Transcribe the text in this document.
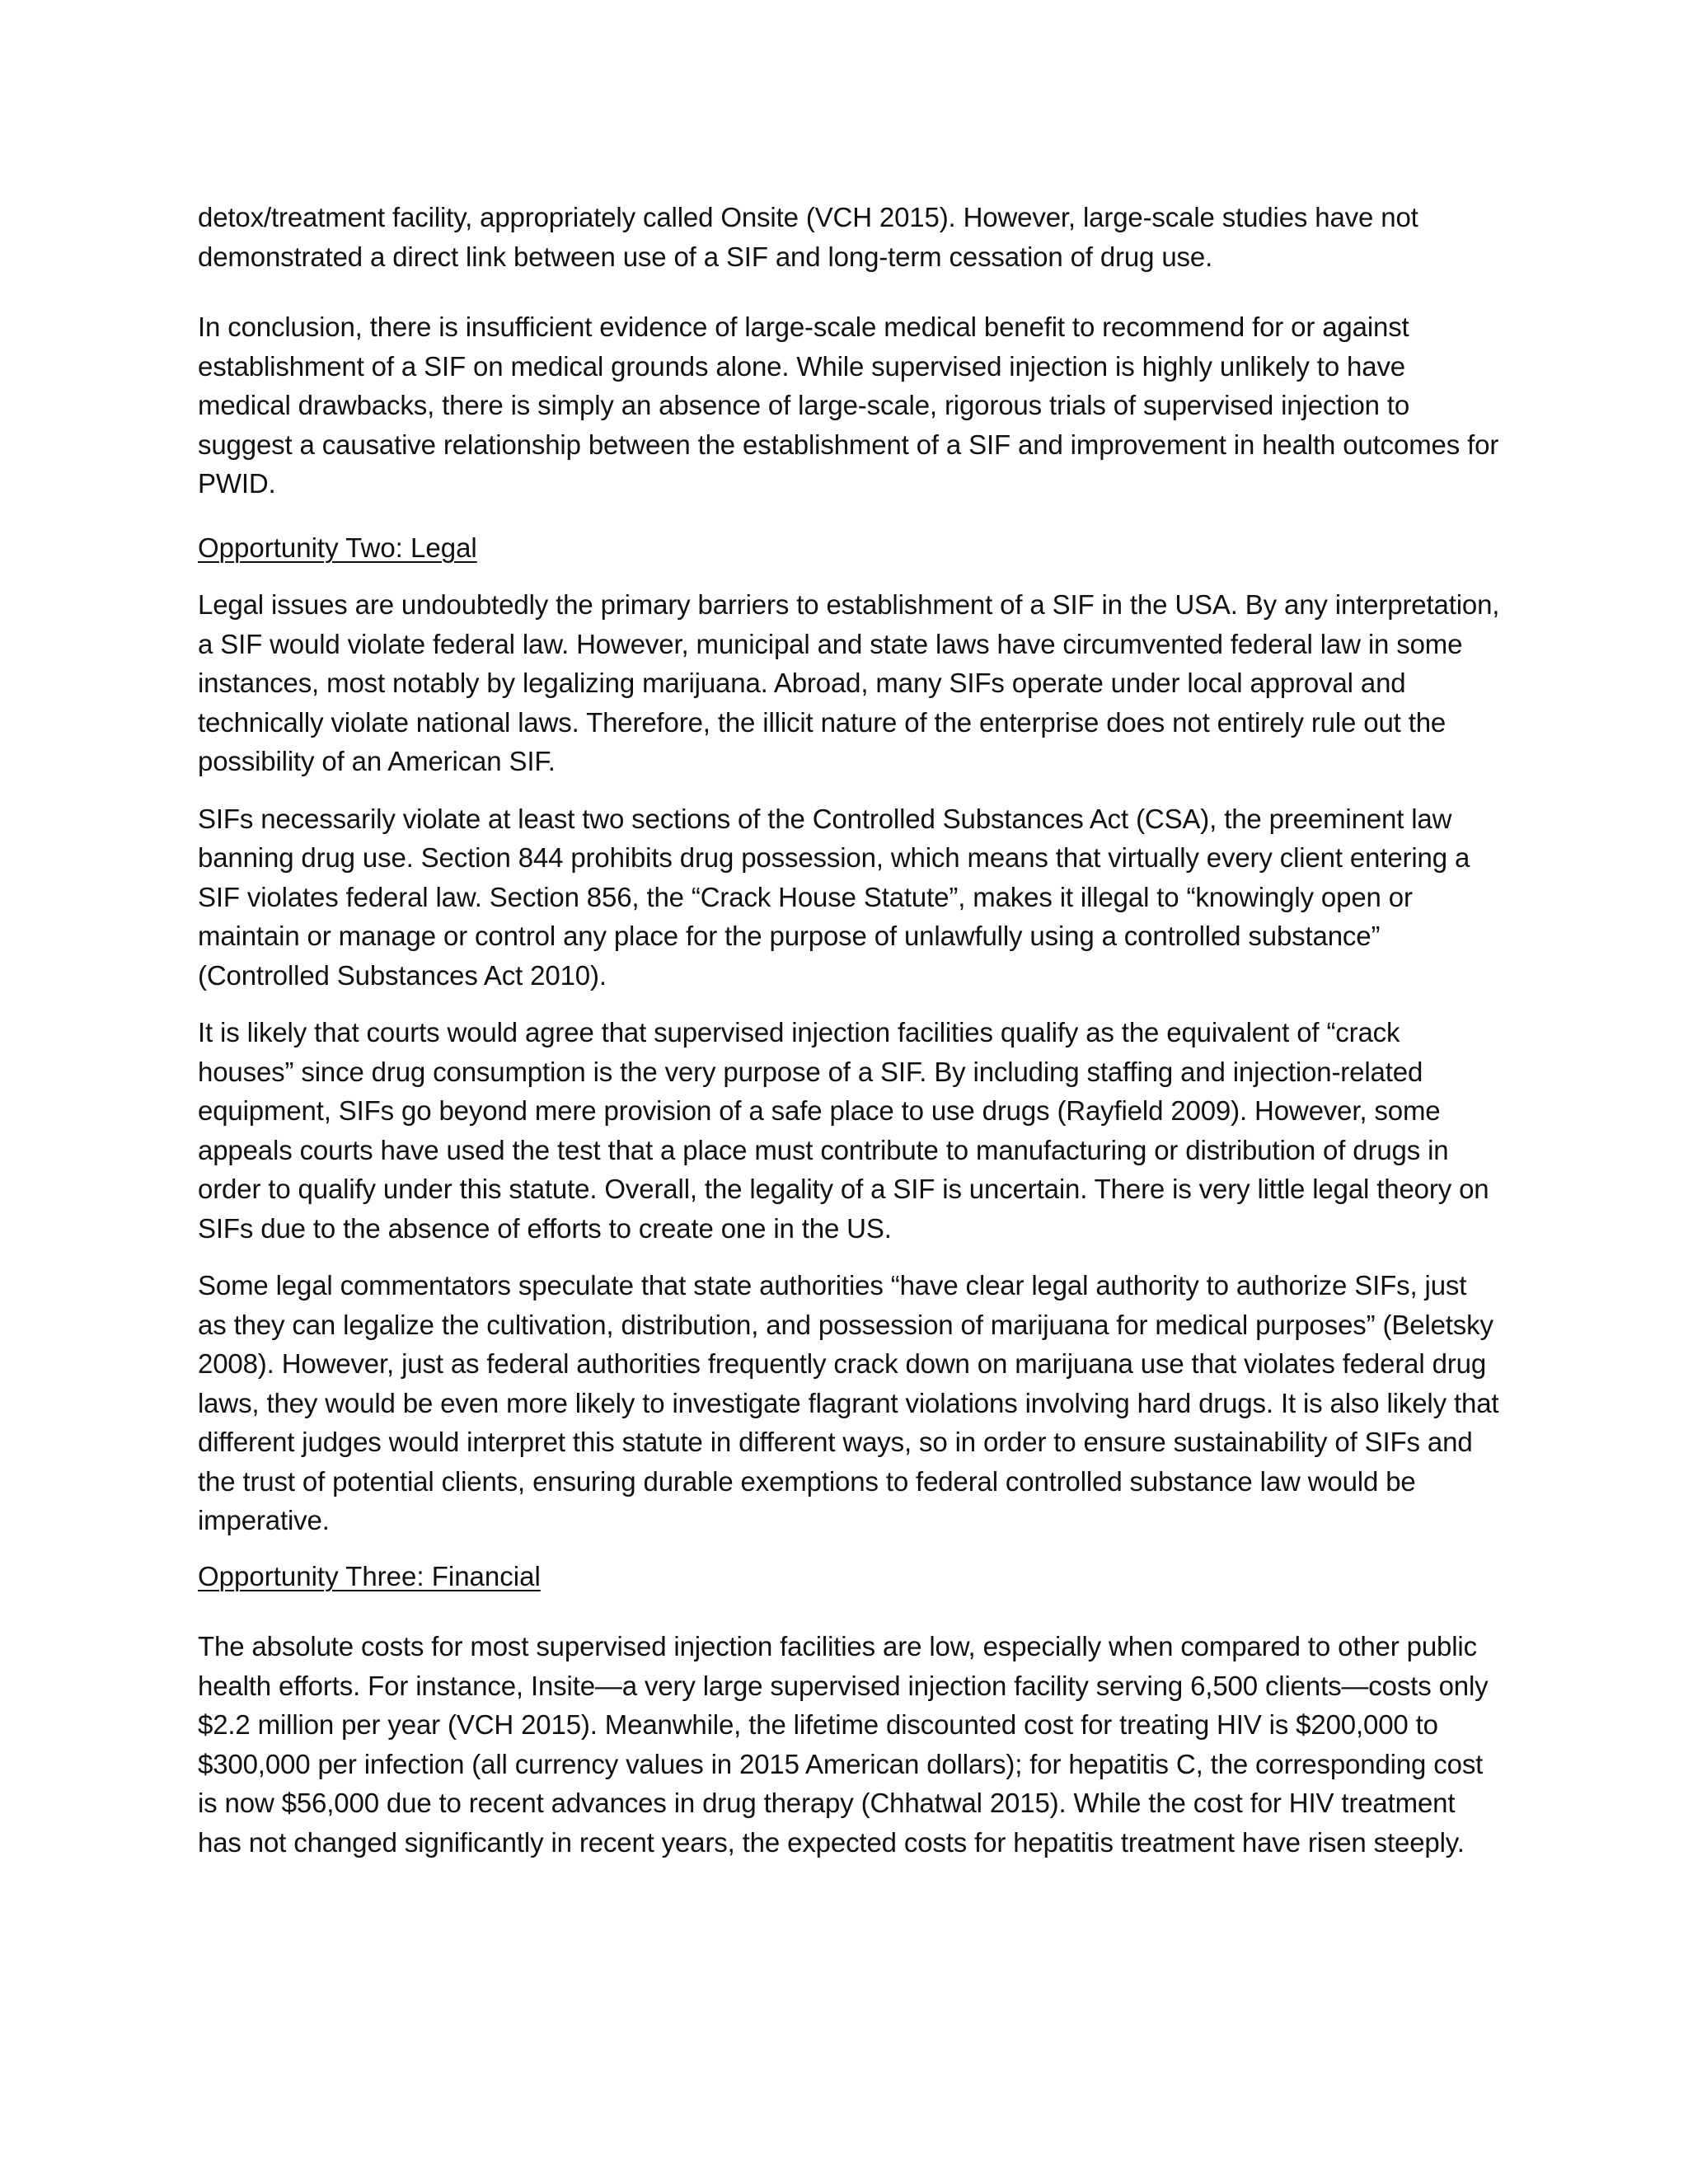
detox/treatment facility, appropriately called Onsite (VCH 2015). However, large-scale studies have not demonstrated a direct link between use of a SIF and long-term cessation of drug use.

In conclusion, there is insufficient evidence of large-scale medical benefit to recommend for or against establishment of a SIF on medical grounds alone. While supervised injection is highly unlikely to have medical drawbacks, there is simply an absence of large-scale, rigorous trials of supervised injection to suggest a causative relationship between the establishment of a SIF and improvement in health outcomes for PWID.

Opportunity Two: Legal

Legal issues are undoubtedly the primary barriers to establishment of a SIF in the USA. By any interpretation, a SIF would violate federal law. However, municipal and state laws have circumvented federal law in some instances, most notably by legalizing marijuana. Abroad, many SIFs operate under local approval and technically violate national laws. Therefore, the illicit nature of the enterprise does not entirely rule out the possibility of an American SIF.

SIFs necessarily violate at least two sections of the Controlled Substances Act (CSA), the preeminent law banning drug use. Section 844 prohibits drug possession, which means that virtually every client entering a SIF violates federal law. Section 856, the “Crack House Statute”, makes it illegal to “knowingly open or maintain or manage or control any place for the purpose of unlawfully using a controlled substance” (Controlled Substances Act 2010).

It is likely that courts would agree that supervised injection facilities qualify as the equivalent of “crack houses” since drug consumption is the very purpose of a SIF. By including staffing and injection-related equipment, SIFs go beyond mere provision of a safe place to use drugs (Rayfield 2009). However, some appeals courts have used the test that a place must contribute to manufacturing or distribution of drugs in order to qualify under this statute. Overall, the legality of a SIF is uncertain. There is very little legal theory on SIFs due to the absence of efforts to create one in the US.

Some legal commentators speculate that state authorities “have clear legal authority to authorize SIFs, just as they can legalize the cultivation, distribution, and possession of marijuana for medical purposes” (Beletsky 2008). However, just as federal authorities frequently crack down on marijuana use that violates federal drug laws, they would be even more likely to investigate flagrant violations involving hard drugs. It is also likely that different judges would interpret this statute in different ways, so in order to ensure sustainability of SIFs and the trust of potential clients, ensuring durable exemptions to federal controlled substance law would be imperative.

Opportunity Three: Financial

The absolute costs for most supervised injection facilities are low, especially when compared to other public health efforts. For instance, Insite—a very large supervised injection facility serving 6,500 clients—costs only $2.2 million per year (VCH 2015). Meanwhile, the lifetime discounted cost for treating HIV is $200,000 to $300,000 per infection (all currency values in 2015 American dollars); for hepatitis C, the corresponding cost is now $56,000 due to recent advances in drug therapy (Chhatwal 2015). While the cost for HIV treatment has not changed significantly in recent years, the expected costs for hepatitis treatment have risen steeply.
